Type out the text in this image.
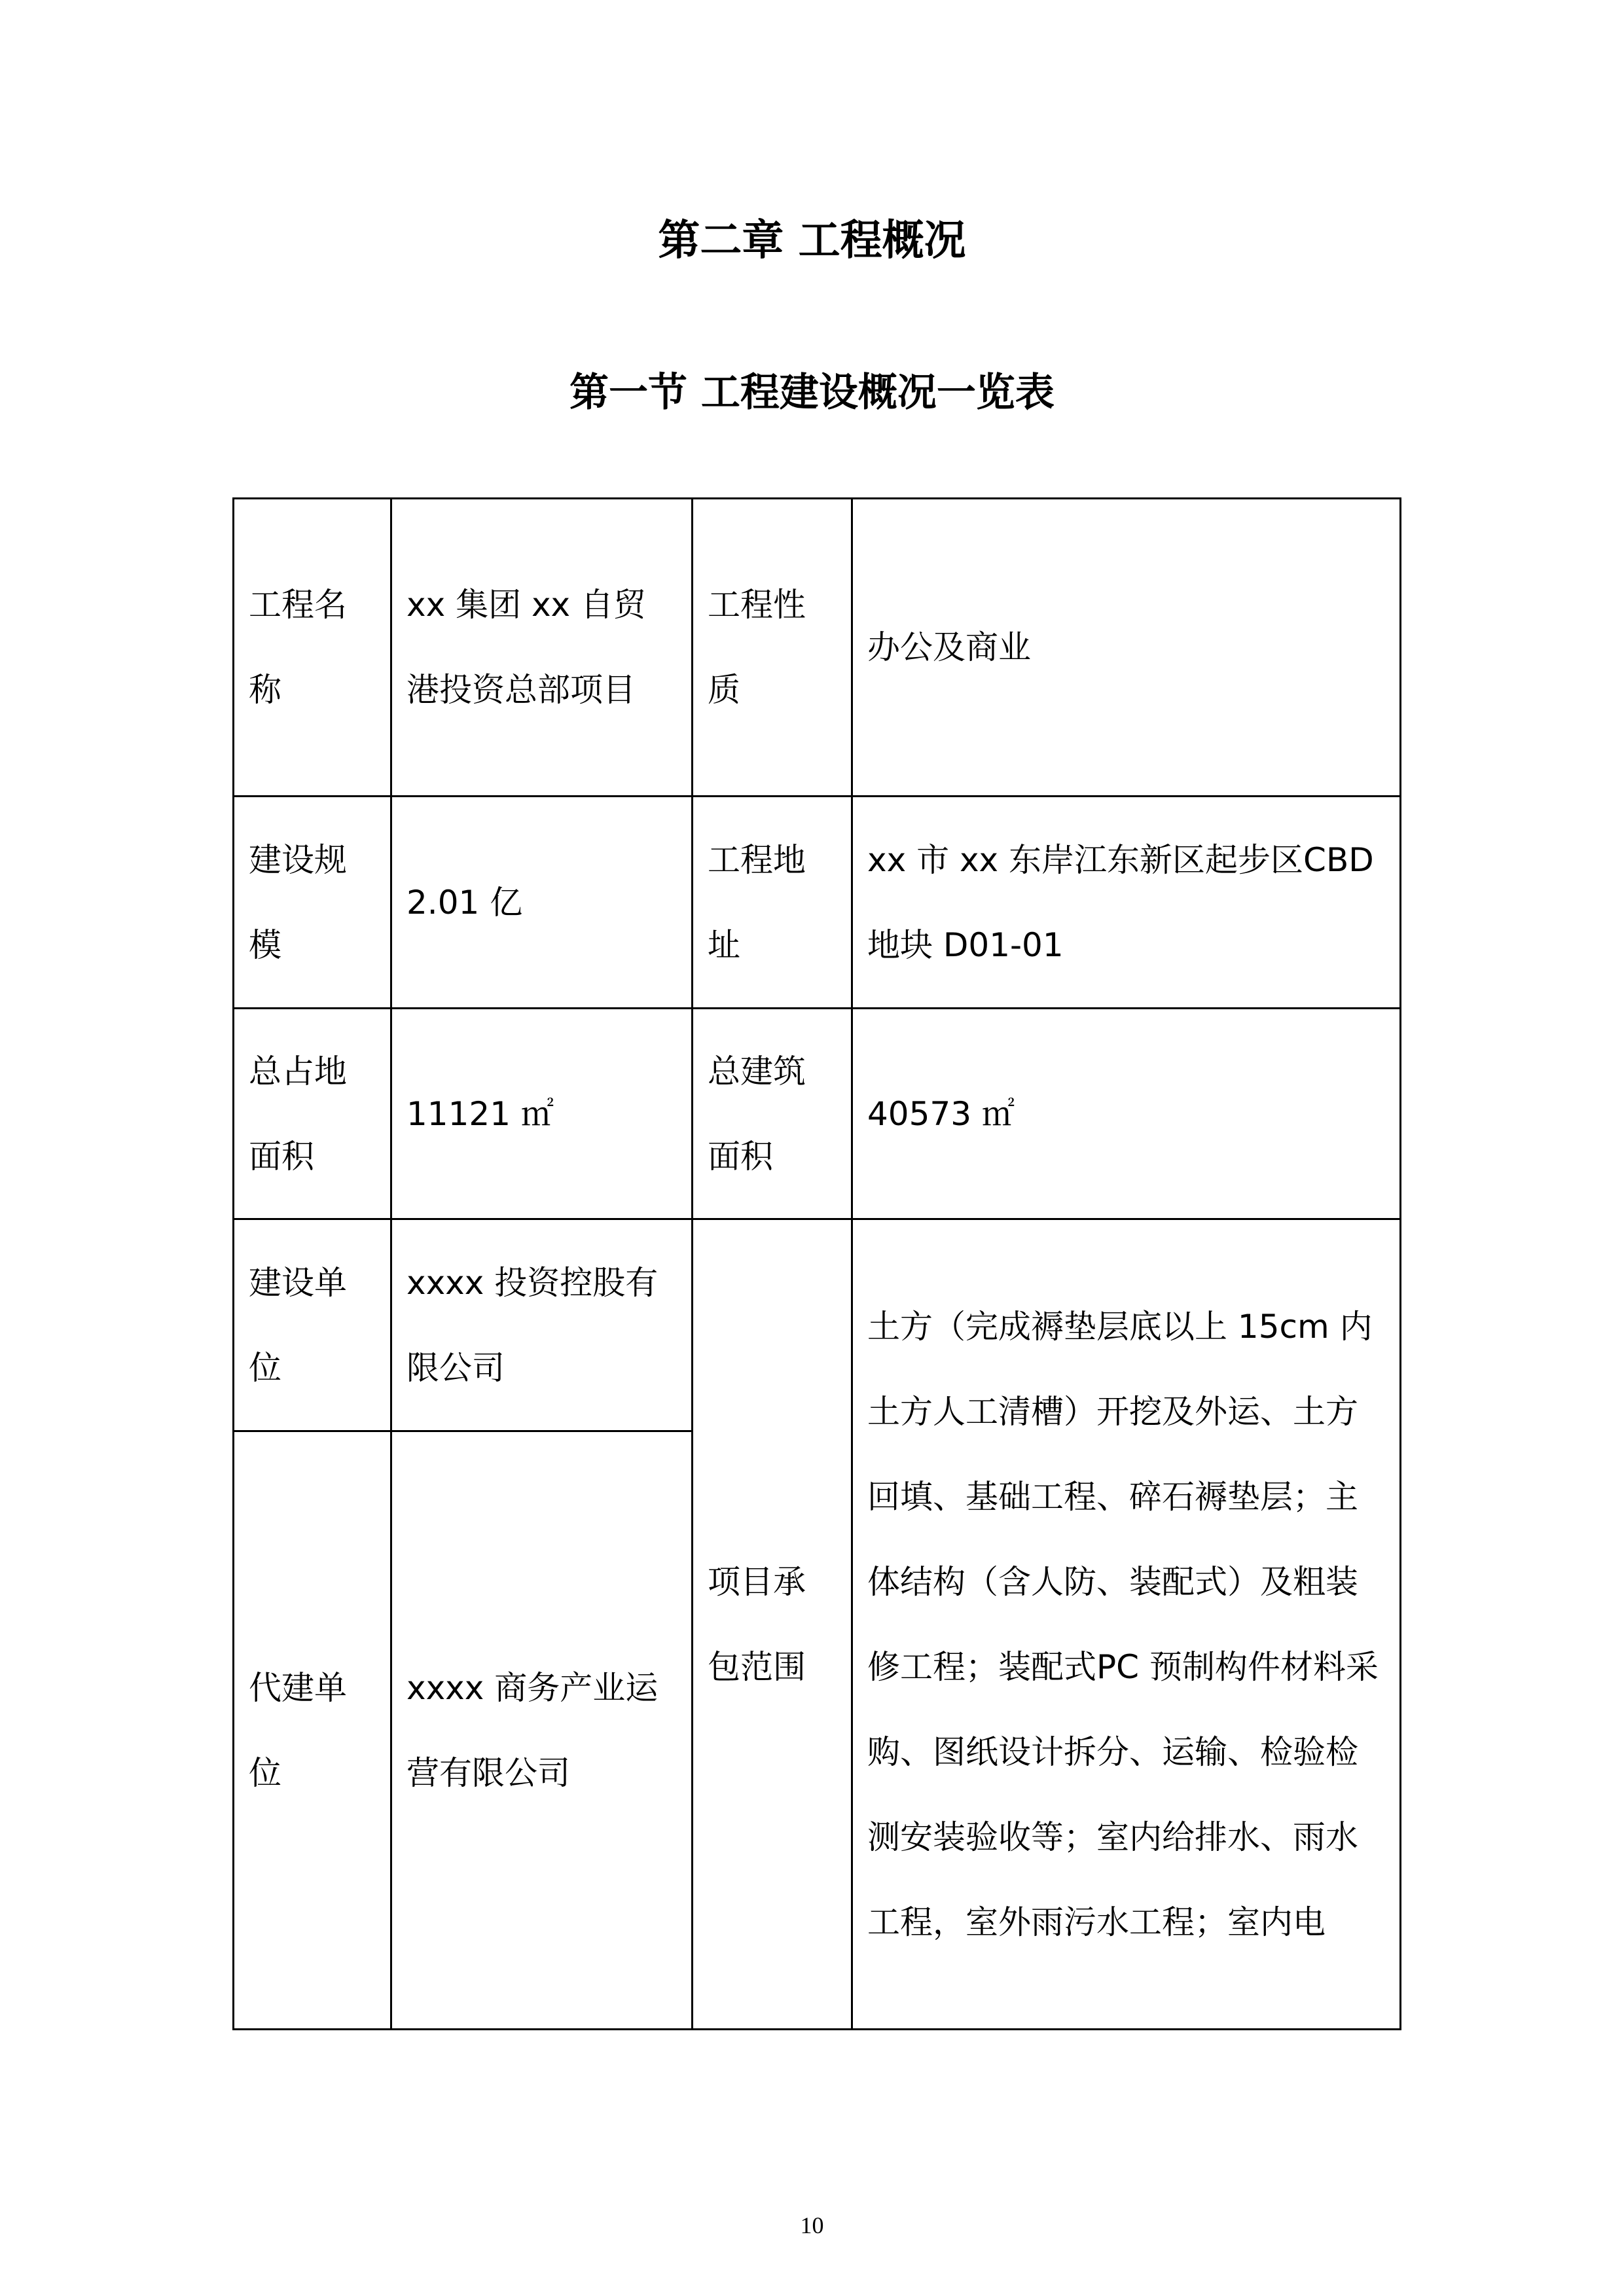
第二章 工程概况
第一节 工程建设概况一览表
工程名称	xx 集团 xx 自贸港投资总部项目	工程性质	办公及商业
建设规模	2.01 亿	工程地址	xx 市 xx 东岸江东新区起步区CBD 地块 D01-01
总占地面积	11121 ㎡	总建筑面积	40573 ㎡
建设单位	xxxx 投资控股有限公司	项目承包范围	土方（完成褥垫层底以上 15cm 内土方人工清槽）开挖及外运、土方回填、基础工程、碎石褥垫层；主体结构（含人防、装配式）及粗装修工程；装配式PC 预制构件材料采购、图纸设计拆分、运输、检验检测安装验收等；室内给排水、雨水工程，室外雨污水工程；室内电
代建单位	xxxx 商务产业运营有限公司		
10
